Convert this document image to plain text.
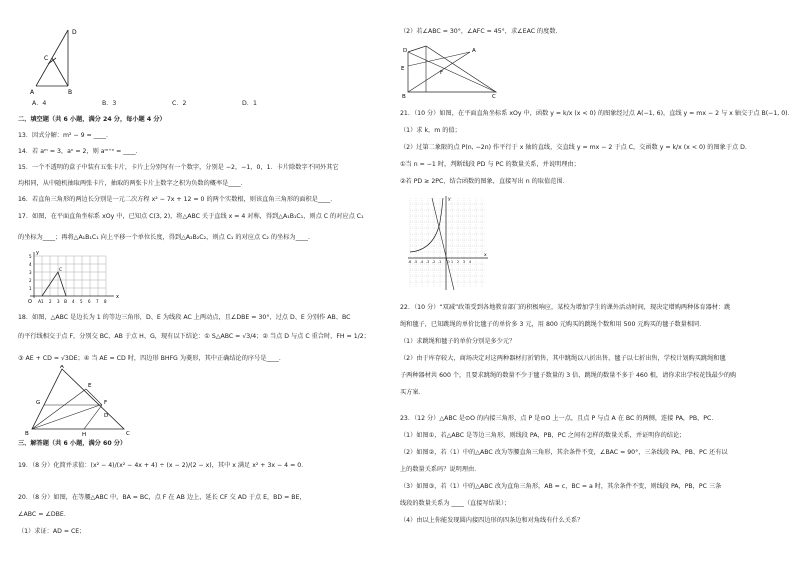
D
C
A	B
A．4	B．3	C．2	D．1
二、填空题（共 6 小题，满分 24 分，每小题 4 分）
13．因式分解：m² − 9 = ____．
14．若 aᵐ = 3，aⁿ = 2，则 aᵐ⁺ⁿ = ____．
15．一个不透明的盒子中装有五张卡片，卡片上分别写有一个数字，分别是 −2，−1，0，1．卡片除数字不同外其它
均相同，从中随机抽取两张卡片，抽取的两张卡片上数字之积为负数的概率是____．
16．若直角三角形的两边长分别是一元二次方程 x² − 7x + 12 = 0 的两个实数根，则该直角三角形的面积是____．
17．如图，在平面直角坐标系 xOy 中，已知点 C(3, 2)，将△ABC 关于直线 x = 4 对称，得到△A₁B₁C₁，则点 C 的对应点 C₁
的坐标为____；再将△A₁B₁C₁ 向上平移一个单位长度，得到△A₂B₂C₂，则点 C₁ 的对应点 C₂ 的坐标为____．
y
x
O A	B
C
5
4
3
2
1
1 2 3	4 5 6 7 8
18．如图，△ABC 是边长为 1 的等边三角形，D、E 为线段 AC 上两动点，且∠DBE = 30°，过点 D、E 分别作 AB、BC
的平行线相交于点 F，分别交 BC、AB 于点 H、G，现有以下结论：① S△ABC = √3/4；② 当点 D 与点 C 重合时，FH = 1/2；
③ AE + CD = √3DE；④ 当 AE = CD 时，四边形 BHFG 为菱形，其中正确结论的序号是____．
A
B	C
G	F
E
H
D
三、解答题（共 6 小题，满分 60 分）
19．（8 分）化简并求值：(x² − 4)/(x² − 4x + 4) ÷ (x − 2)/(2 − x)，其中 x 满足 x² + 3x − 4 = 0．
20．（8 分）如图，在等腰△ABC 中，BA = BC，点 F 在 AB 边上，延长 CF 交 AD 于点 E，BD = BE，
∠ABC = ∠DBE．
（1）求证：AD = CE；
（2）若∠ABC = 30°，∠AFC = 45°，求∠EAC 的度数．
E
D
F
A
B	C
21．（10 分）如图，在平面直角坐标系 xOy 中，函数 y = k/x (x < 0) 的图象经过点 A(−1, 6)，直线 y = mx − 2 与 x 轴交于点 B(−1, 0)．
（1）求 k，m 的值；
（2）过第二象限的点 P(n, −2n) 作平行于 x 轴的直线，交直线 y = mx − 2 于点 C，交函数 y = k/x (x < 0) 的图象于点 D．
①当 n = −1 时，判断线段 PD 与 PC 的数量关系，并说明理由；
②若 PD ≥ 2PC，结合函数的图象，直接写出 n 的取值范围．
x
y
-6 -5 -4 -3 -2 -1 O 1 2 3 4
22．（10 分）“双减”政策受到各地教育部门的积极响应，某校为增加学生的课外活动时间，现决定增购两种体育器材：跳
绳和毽子，已知跳绳的单价比毽子的单价多 3 元，用 800 元购买的跳绳个数和用 500 元购买的毽子数量相同．
（1）求跳绳和毽子的单价分别是多少元？
（2）由于库存较大，商场决定对这两种器材打折销售，其中跳绳以八折出售，毽子以七折出售，学校计划购买跳绳和毽
子两种器材共 600 个，且要求跳绳的数量不少于毽子数量的 3 倍，跳绳的数量不多于 460 根，请你求出学校花钱最少的购
买方案．
23．（12 分）△ABC 是⊙O 的内接三角形，点 P 是⊙O 上一点，且点 P 与点 A 在 BC 的两侧，连接 PA，PB，PC．
（1）如图①，若△ABC 是等边三角形，则线段 PA，PB，PC 之间有怎样的数量关系，并证明你的结论；
（2）如图②，若（1）中的△ABC 改为等腰直角三角形，其余条件不变，∠BAC = 90°，三条线段 PA、PB、PC 还有以
上的数量关系吗？说明理由．
（3）如图③，若（1）中的△ABC 改为直角三角形，AB = c，BC = a 时，其余条件不变，则线段 PA，PB，PC 三条
线段的数量关系为 ____（直接写结果）；
（4）由以上你能发现圆内接四边形的四条边和对角线有什么关系？
